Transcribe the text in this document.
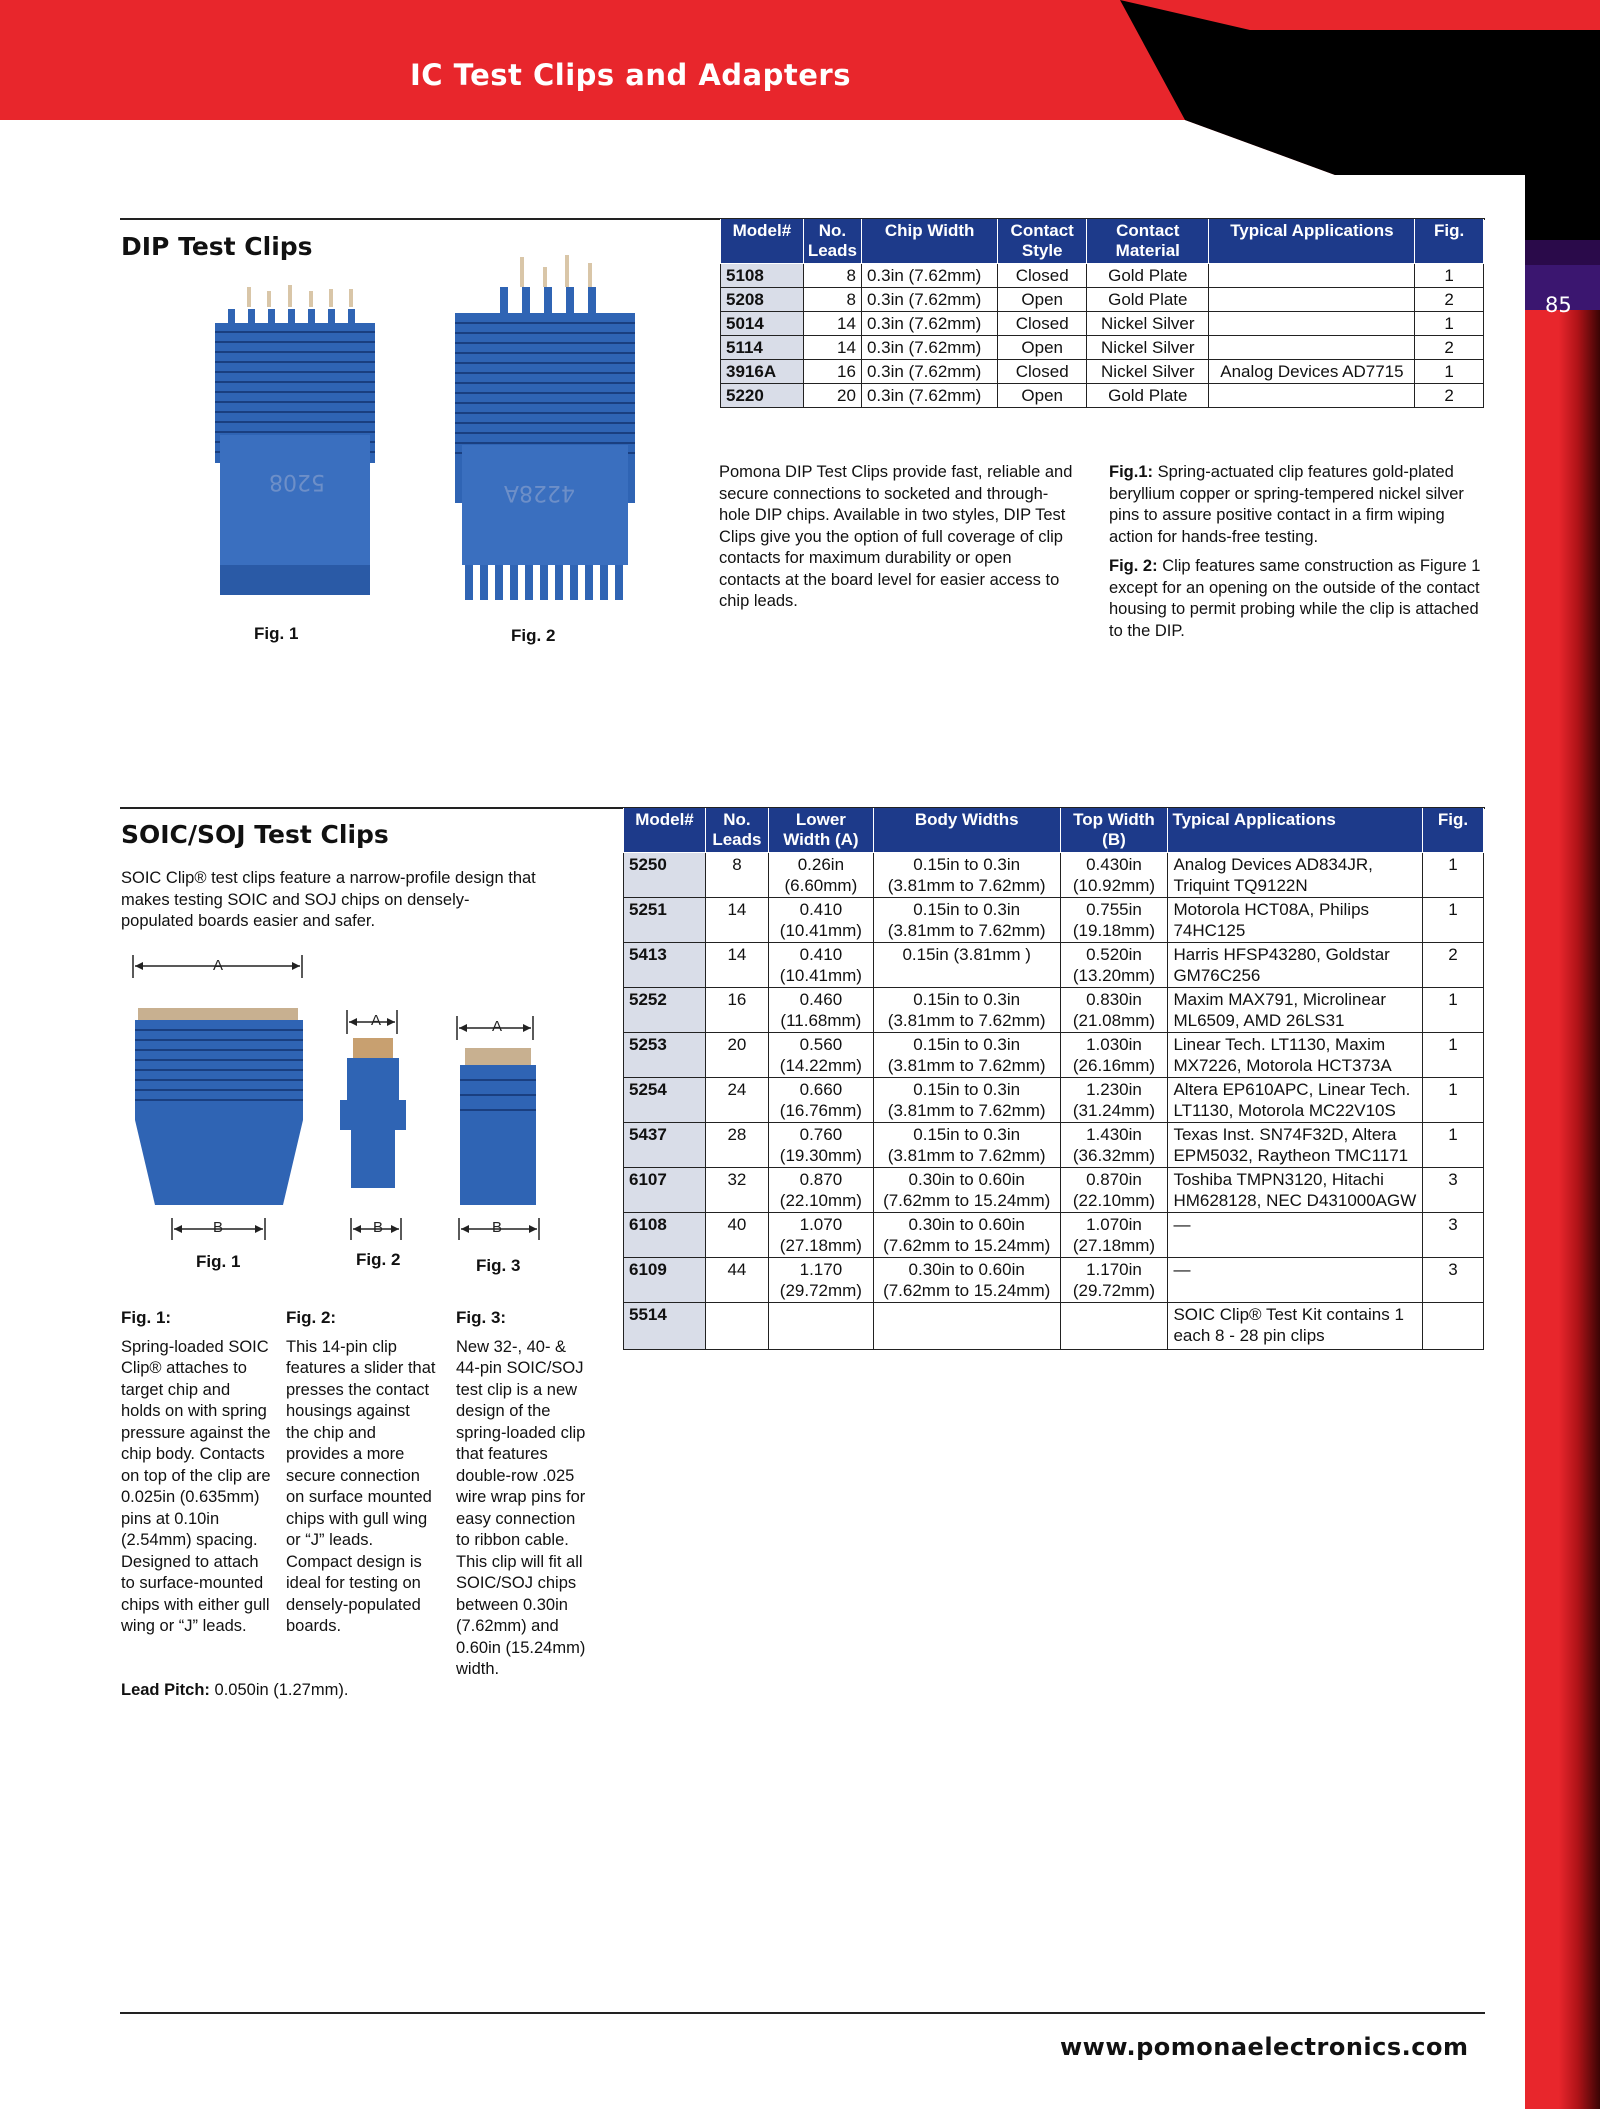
IC Test Clips and Adapters
85
DIP Test Clips
5208	4228A
Fig. 1	Fig. 2
Model#	No. Leads	Chip Width	Contact Style	Contact Material	Typical Applications	Fig.
5108	8	0.3in (7.62mm)	Closed	Gold Plate		1
5208	8	0.3in (7.62mm)	Open	Gold Plate		2
5014	14	0.3in (7.62mm)	Closed	Nickel Silver		1
5114	14	0.3in (7.62mm)	Open	Nickel Silver		2
3916A	16	0.3in (7.62mm)	Closed	Nickel Silver	Analog Devices AD7715	1
5220	20	0.3in (7.62mm)	Open	Gold Plate		2
Pomona DIP Test Clips provide fast, reliable and secure connections to socketed and through-hole DIP chips. Available in two styles, DIP Test Clips give you the option of full coverage of clip contacts for maximum durability or open contacts at the board level for easier access to chip leads.
Fig.1: Spring-actuated clip features gold-plated beryllium copper or spring-tempered nickel silver pins to assure positive contact in a firm wiping action for hands-free testing.
Fig. 2: Clip features same construction as Figure 1 except for an opening on the outside of the contact housing to permit probing while the clip is attached to the DIP.
SOIC/SOJ Test Clips
SOIC Clip® test clips feature a narrow-profile design that makes testing SOIC and SOJ chips on densely-populated boards easier and safer.
A
A	A
B	B	B
Fig. 1	Fig. 2	Fig. 3
Fig. 1:
Spring-loaded SOIC Clip® attaches to target chip and holds on with spring pressure against the chip body. Contacts on top of the clip are 0.025in (0.635mm) pins at 0.10in (2.54mm) spacing. Designed to attach to surface-mounted chips with either gull wing or “J” leads.
Fig. 2:
This 14-pin clip features a slider that presses the contact housings against the chip and provides a more secure connection on surface mounted chips with gull wing or “J” leads. Compact design is ideal for testing on densely-populated boards.
Fig. 3:
New 32-, 40- & 44-pin SOIC/SOJ test clip is a new design of the spring-loaded clip that features double-row .025 wire wrap pins for easy connection to ribbon cable. This clip will fit all SOIC/SOJ chips between 0.30in (7.62mm) and 0.60in (15.24mm) width.
Lead Pitch: 0.050in (1.27mm).
Model#	No. Leads	Lower Width (A)	Body Widths	Top Width (B)	Typical Applications	Fig.
5250	8	0.26in (6.60mm)	0.15in to 0.3in (3.81mm to 7.62mm)	0.430in (10.92mm)	Analog Devices AD834JR, Triquint TQ9122N	1
5251	14	0.410 (10.41mm)	0.15in to 0.3in (3.81mm to 7.62mm)	0.755in (19.18mm)	Motorola HCT08A, Philips 74HC125	1
5413	14	0.410 (10.41mm)	0.15in (3.81mm )	0.520in (13.20mm)	Harris HFSP43280, Goldstar GM76C256	2
5252	16	0.460 (11.68mm)	0.15in to 0.3in (3.81mm to 7.62mm)	0.830in (21.08mm)	Maxim MAX791, Microlinear ML6509, AMD 26LS31	1
5253	20	0.560 (14.22mm)	0.15in to 0.3in (3.81mm to 7.62mm)	1.030in (26.16mm)	Linear Tech. LT1130, Maxim MX7226, Motorola HCT373A	1
5254	24	0.660 (16.76mm)	0.15in to 0.3in (3.81mm to 7.62mm)	1.230in (31.24mm)	Altera EP610APC, Linear Tech. LT1130, Motorola MC22V10S	1
5437	28	0.760 (19.30mm)	0.15in to 0.3in (3.81mm to 7.62mm)	1.430in (36.32mm)	Texas Inst. SN74F32D, Altera EPM5032, Raytheon TMC1171	1
6107	32	0.870 (22.10mm)	0.30in to 0.60in (7.62mm to 15.24mm)	0.870in (22.10mm)	Toshiba TMPN3120, Hitachi HM628128, NEC D431000AGW	3
6108	40	1.070 (27.18mm)	0.30in to 0.60in (7.62mm to 15.24mm)	1.070in (27.18mm)	—	3
6109	44	1.170 (29.72mm)	0.30in to 0.60in (7.62mm to 15.24mm)	1.170in (29.72mm)	—	3
5514					SOIC Clip® Test Kit contains 1 each 8 - 28 pin clips	
www.pomonaelectronics.com
